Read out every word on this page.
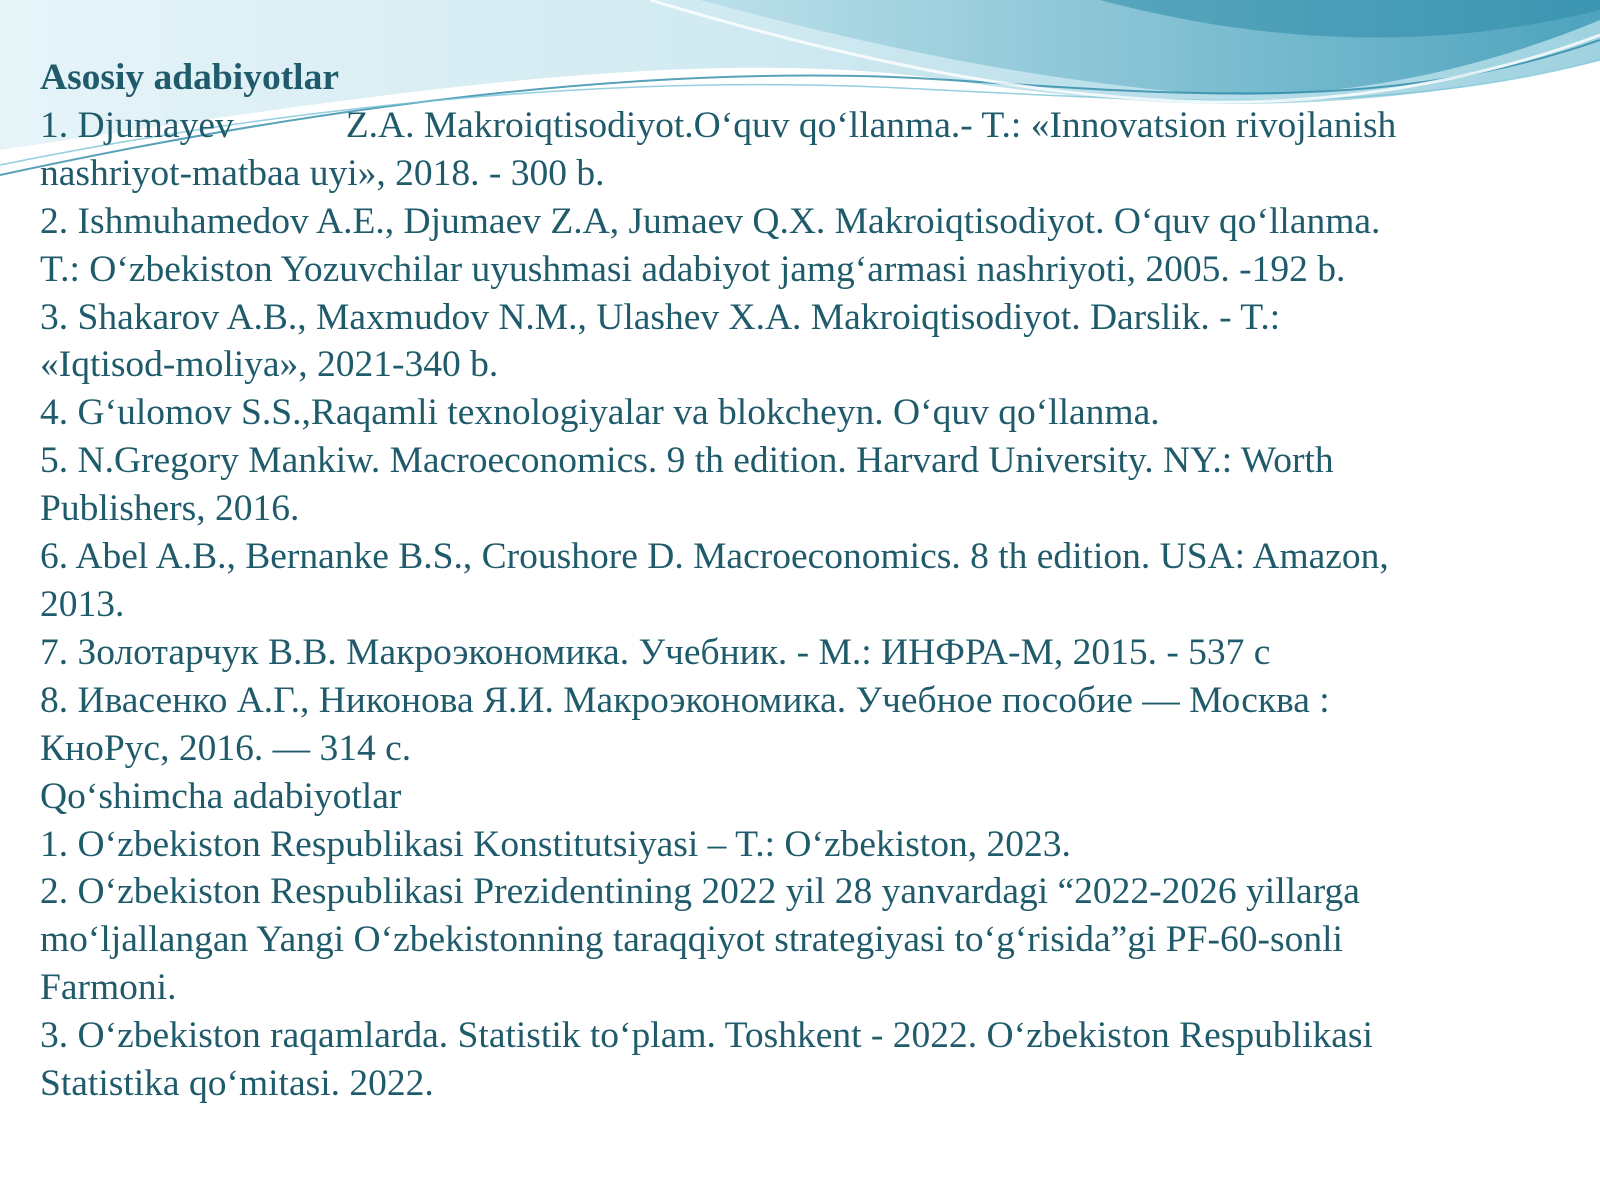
Asosiy adabiyotlar
1. Djumayev	Z.A. Makroiqtisodiyot.O‘quv qo‘llanma.- T.: «Innovatsion rivojlanish
nashriyot-matbaa uyi», 2018. - 300 b.
2. Ishmuhamedov A.E., Djumaev Z.A, Jumaev Q.X. Makroiqtisodiyot. O‘quv qo‘llanma.
T.: O‘zbekiston Yozuvchilar uyushmasi adabiyot jamg‘armasi nashriyoti, 2005. -192 b.
3. Shakarov A.B., Maxmudov N.M., Ulashev X.A. Makroiqtisodiyot. Darslik. - T.:
«Iqtisod-moliya», 2021-340 b.
4. G‘ulomov S.S.,Raqamli texnologiyalar va blokcheyn. O‘quv qo‘llanma.
5. N.Gregory Mankiw. Macroeconomics. 9 th edition. Harvard University. NY.: Worth
Publishers, 2016.
6. Abel A.B., Bernanke B.S., Croushore D. Macroeconomics. 8 th edition. USA: Amazon,
2013.
7. Золотарчук В.В. Макроэкономика. Учебник. - М.: ИНФРА-М, 2015. - 537 с
8. Ивасенко А.Г., Никонова Я.И. Макроэкономика. Учебное пособие — Москва :
КноРус, 2016. — 314 с.
Qo‘shimcha adabiyotlar
1. O‘zbekiston Respublikasi Konstitutsiyasi – T.: O‘zbekiston, 2023.
2. O‘zbekiston Respublikasi Prezidentining 2022 yil 28 yanvardagi “2022-2026 yillarga
mo‘ljallangan Yangi O‘zbekistonning taraqqiyot strategiyasi to‘g‘risida”gi PF-60-sonli
Farmoni.
3. O‘zbekiston raqamlarda. Statistik to‘plam. Toshkent - 2022. O‘zbekiston Respublikasi
Statistika qo‘mitasi. 2022.
